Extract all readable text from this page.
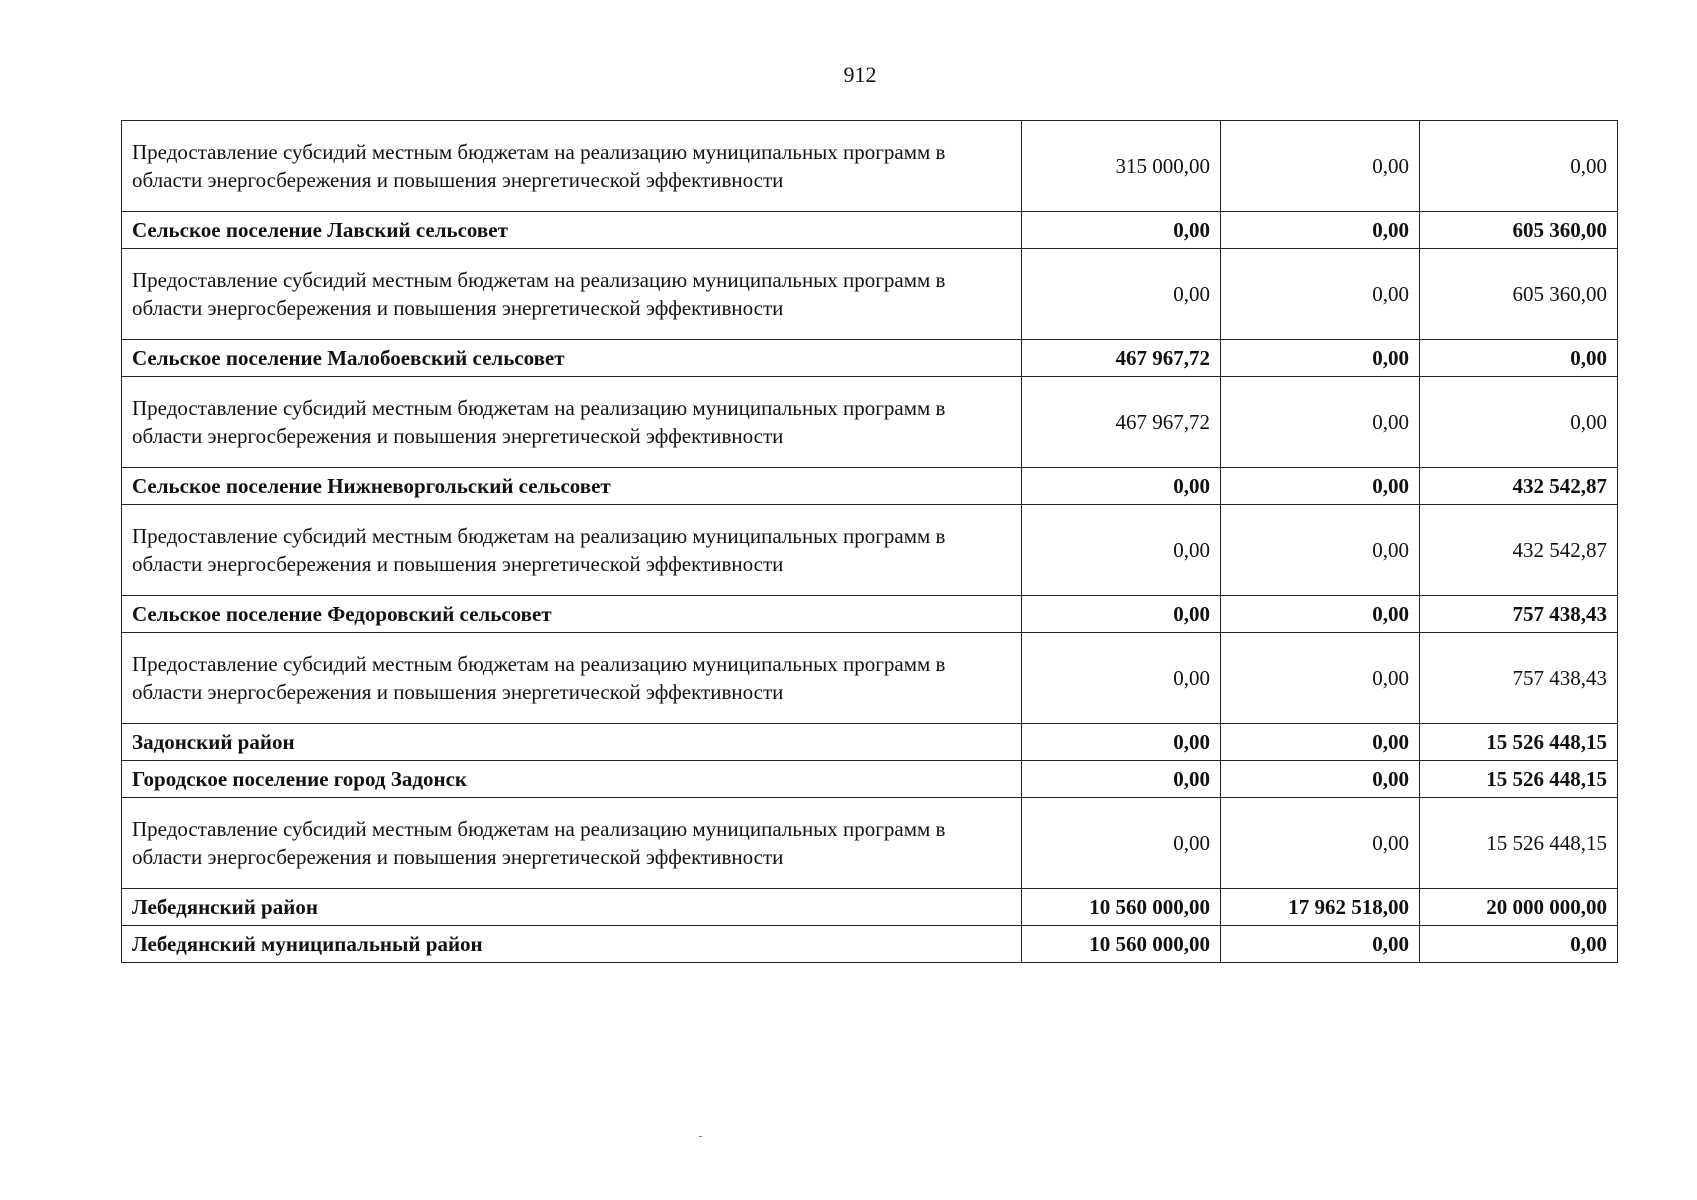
912
Предоставление субсидий местным бюджетам на реализацию муниципальных программ в области энергосбережения и повышения энергетической эффективности	315 000,00	0,00	0,00
Сельское поселение Лавский сельсовет	0,00	0,00	605 360,00
Предоставление субсидий местным бюджетам на реализацию муниципальных программ в области энергосбережения и повышения энергетической эффективности	0,00	0,00	605 360,00
Сельское поселение Малобоевский сельсовет	467 967,72	0,00	0,00
Предоставление субсидий местным бюджетам на реализацию муниципальных программ в области энергосбережения и повышения энергетической эффективности	467 967,72	0,00	0,00
Сельское поселение Нижневоргольский сельсовет	0,00	0,00	432 542,87
Предоставление субсидий местным бюджетам на реализацию муниципальных программ в области энергосбережения и повышения энергетической эффективности	0,00	0,00	432 542,87
Сельское поселение Федоровский сельсовет	0,00	0,00	757 438,43
Предоставление субсидий местным бюджетам на реализацию муниципальных программ в области энергосбережения и повышения энергетической эффективности	0,00	0,00	757 438,43
Задонский район	0,00	0,00	15 526 448,15
Городское поселение город Задонск	0,00	0,00	15 526 448,15
Предоставление субсидий местным бюджетам на реализацию муниципальных программ в области энергосбережения и повышения энергетической эффективности	0,00	0,00	15 526 448,15
Лебедянский район	10 560 000,00	17 962 518,00	20 000 000,00
Лебедянский муниципальный район	10 560 000,00	0,00	0,00
